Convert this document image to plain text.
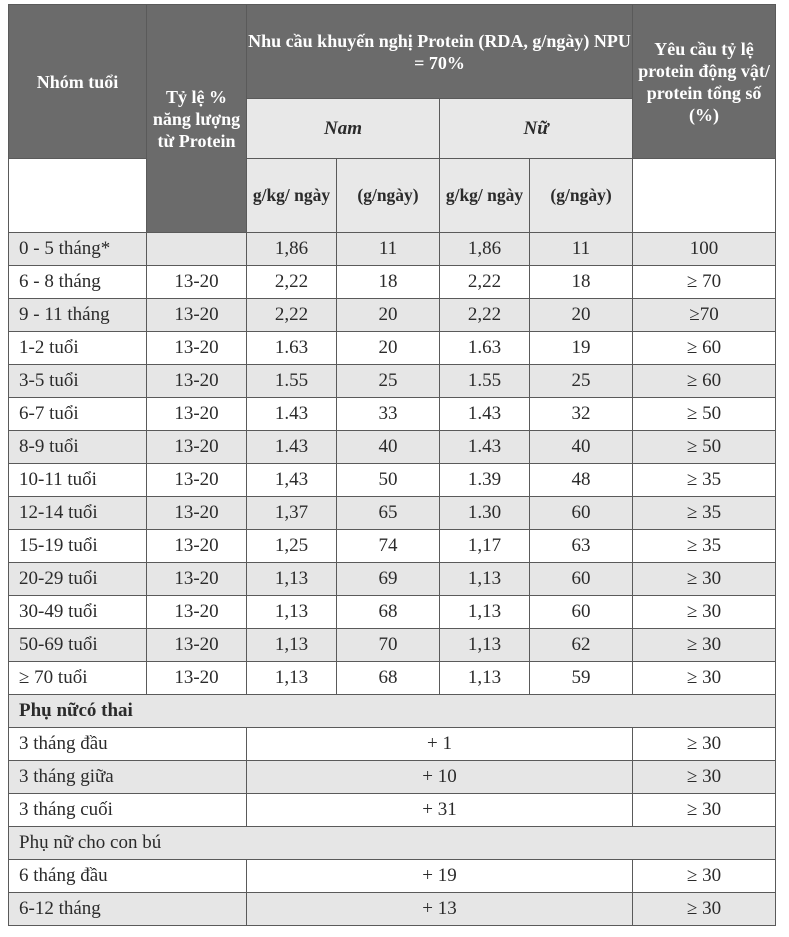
Nhóm tuổi	Tỷ lệ % năng lượng từ Protein	Nhu cầu khuyến nghị Protein (RDA, g/ngày) NPU = 70%				Yêu cầu tỷ lệ protein động vật/ protein tổng số (%)
		Nam		Nữ		
		g/kg/ ngày	(g/ngày)	g/kg/ ngày	(g/ngày)	
0 - 5 tháng*		1,86	11	1,86	11	100
6 - 8 tháng	13-20	2,22	18	2,22	18	≥ 70
9 - 11 tháng	13-20	2,22	20	2,22	20	≥70
1-2 tuổi	13-20	1.63	20	1.63	19	≥ 60
3-5 tuổi	13-20	1.55	25	1.55	25	≥ 60
6-7 tuổi	13-20	1.43	33	1.43	32	≥ 50
8-9 tuổi	13-20	1.43	40	1.43	40	≥ 50
10-11 tuổi	13-20	1,43	50	1.39	48	≥ 35
12-14 tuổi	13-20	1,37	65	1.30	60	≥ 35
15-19 tuổi	13-20	1,25	74	1,17	63	≥ 35
20-29 tuổi	13-20	1,13	69	1,13	60	≥ 30
30-49 tuổi	13-20	1,13	68	1,13	60	≥ 30
50-69 tuổi	13-20	1,13	70	1,13	62	≥ 30
≥ 70 tuổi	13-20	1,13	68	1,13	59	≥ 30
Phụ nữcó thai						
3 tháng đầu		+ 1				≥ 30
3 tháng giữa		+ 10				≥ 30
3 tháng cuối		+ 31				≥ 30
Phụ nữ cho con bú						
6 tháng đầu		+ 19				≥ 30
6-12 tháng		+ 13				≥ 30
